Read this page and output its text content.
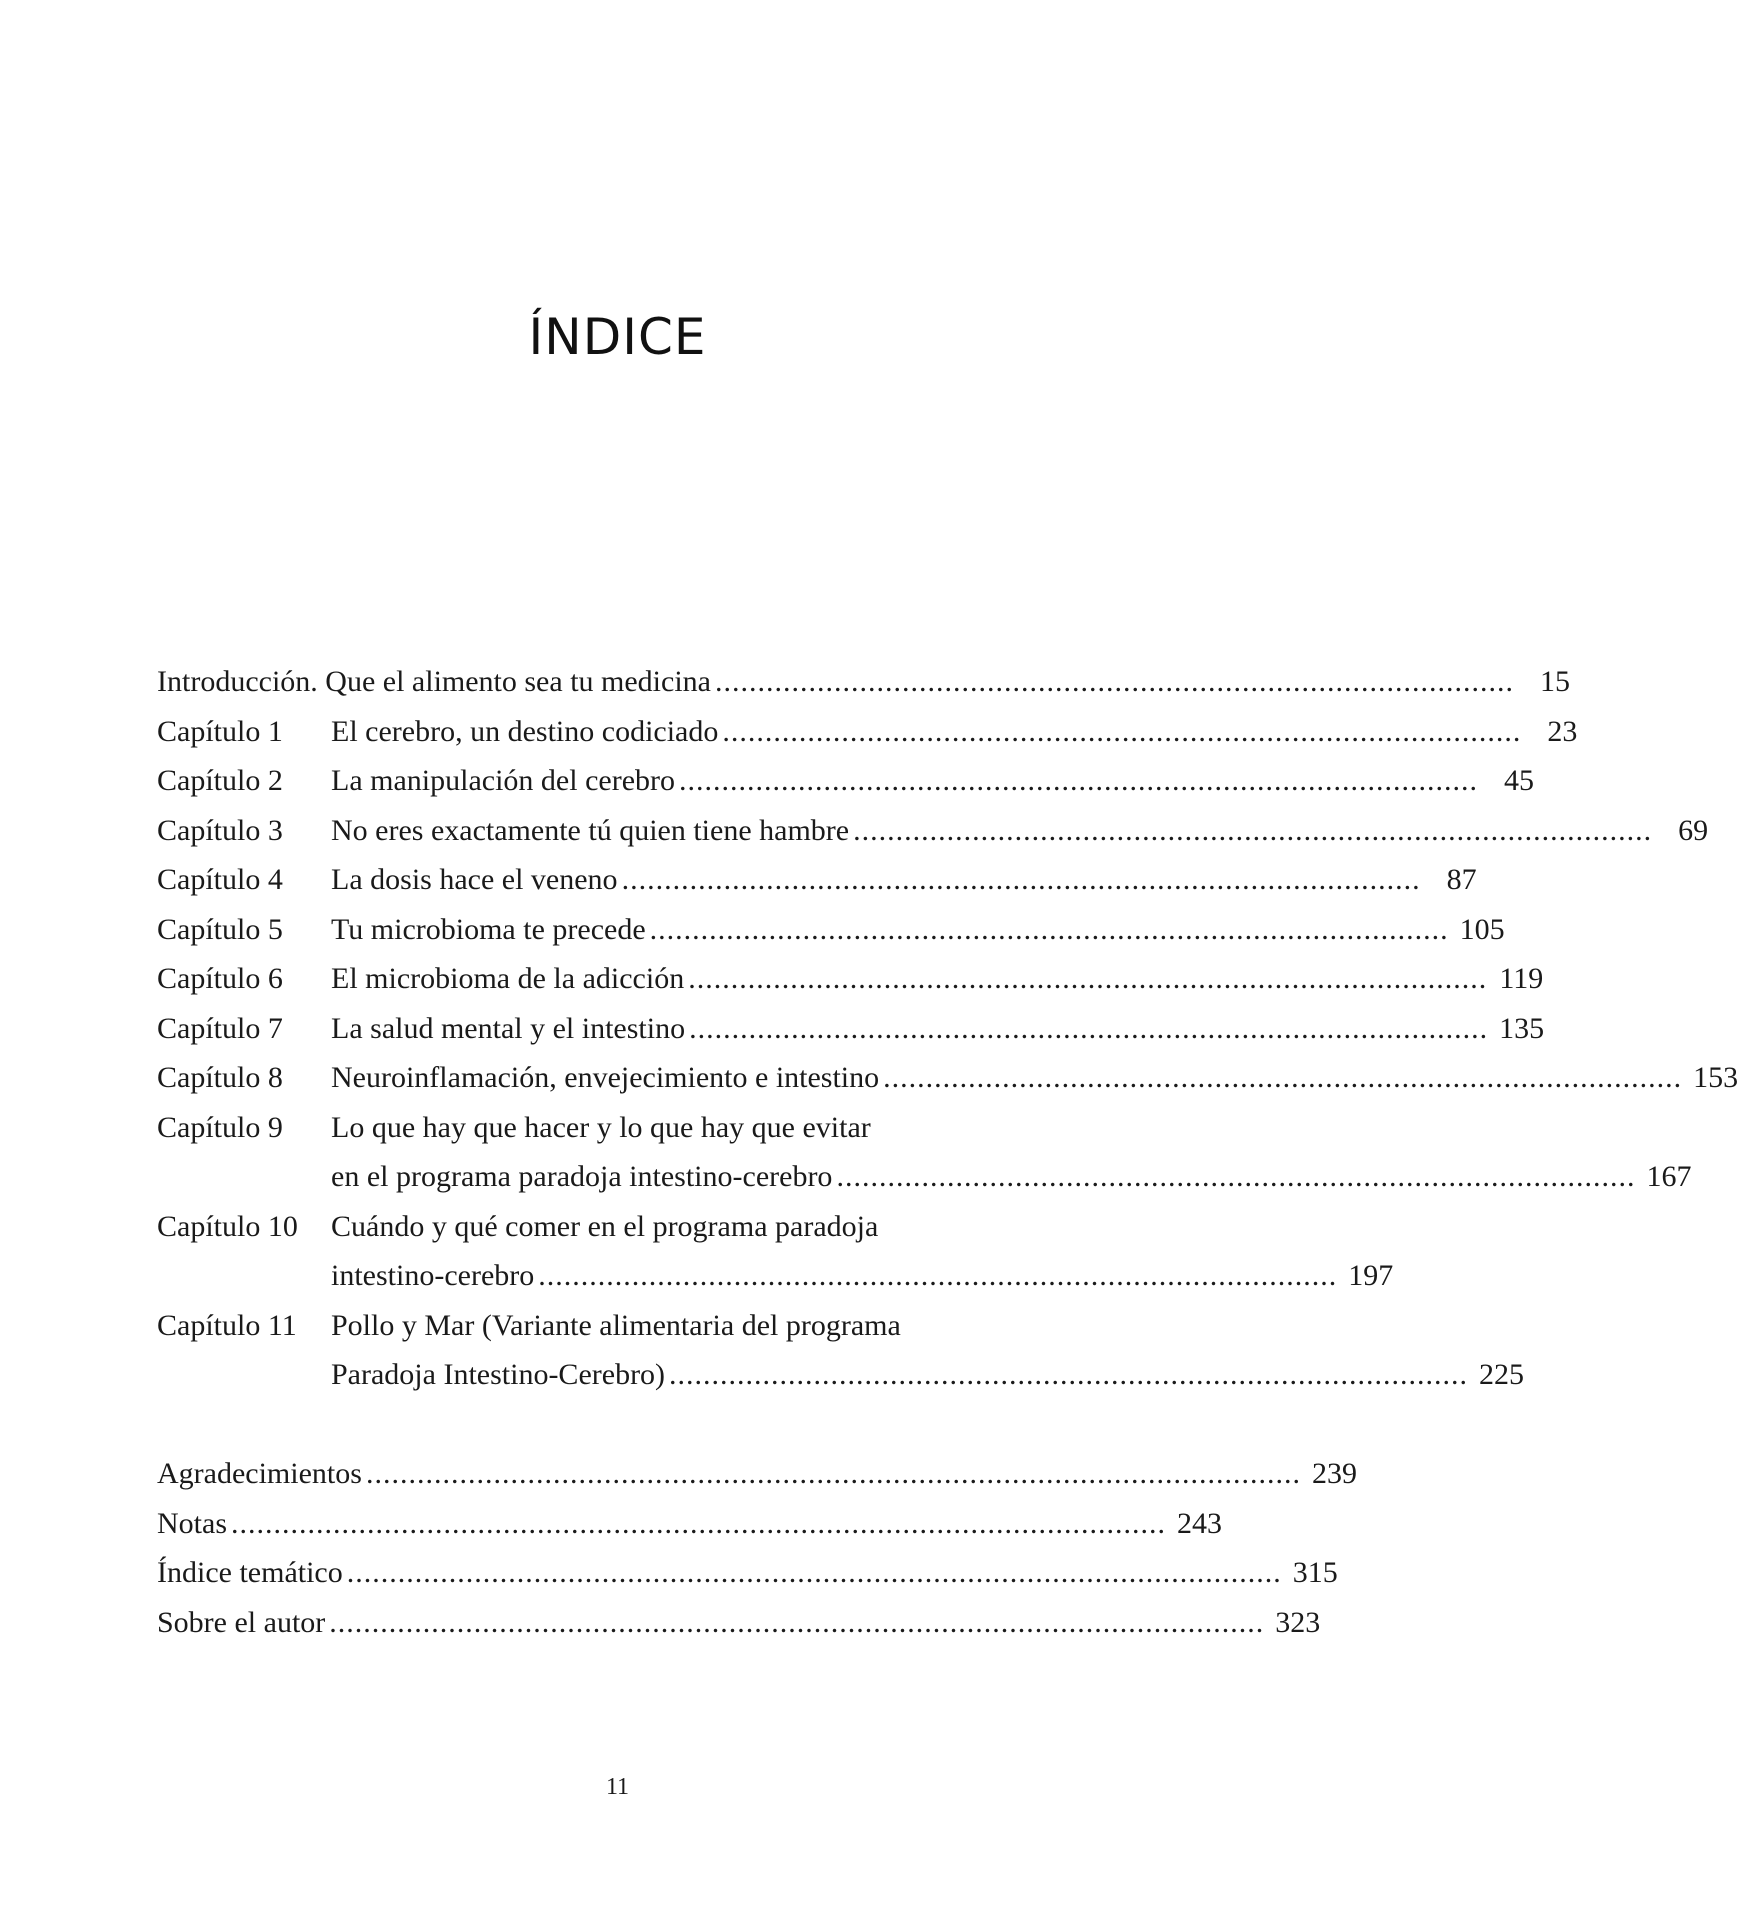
ÍNDICE
Introducción. Que el alimento sea tu medicina .............................................................................................. 15
Capítulo 1 El cerebro, un destino codiciado .............................................................................................. 23
Capítulo 2 La manipulación del cerebro .............................................................................................. 45
Capítulo 3 No eres exactamente tú quien tiene hambre .............................................................................................. 69
Capítulo 4 La dosis hace el veneno .............................................................................................. 87
Capítulo 5 Tu microbioma te precede .............................................................................................. 105
Capítulo 6 El microbioma de la adicción .............................................................................................. 119
Capítulo 7 La salud mental y el intestino .............................................................................................. 135
Capítulo 8 Neuroinflamación, envejecimiento e intestino .............................................................................................. 153
Capítulo 9 Lo que hay que hacer y lo que hay que evitar
en el programa paradoja intestino-cerebro .............................................................................................. 167
Capítulo 10 Cuándo y qué comer en el programa paradoja
intestino-cerebro .............................................................................................. 197
Capítulo 11 Pollo y Mar (Variante alimentaria del programa
Paradoja Intestino-Cerebro) .............................................................................................. 225
Agradecimientos .............................................................................................................. 239
Notas .............................................................................................................. 243
Índice temático .............................................................................................................. 315
Sobre el autor .............................................................................................................. 323
11
